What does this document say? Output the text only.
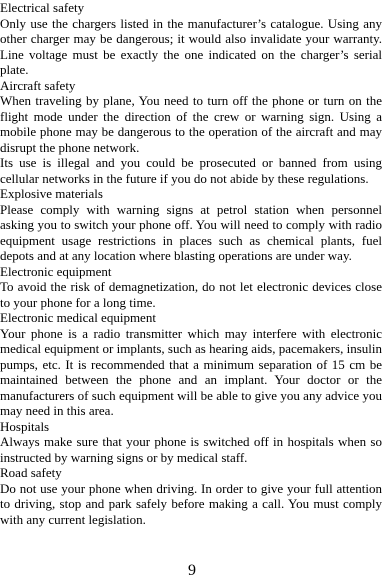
Electrical safety

Only use the chargers listed in the manufacturer’s catalogue. Using any other charger may be dangerous; it would also invalidate your warranty. Line voltage must be exactly the one indicated on the charger’s serial plate.

Aircraft safety

When traveling by plane, You need to turn off the phone or turn on the flight mode under the direction of the crew or warning sign. Using a mobile phone may be dangerous to the operation of the aircraft and may disrupt the phone network.

Its use is illegal and you could be prosecuted or banned from using cellular networks in the future if you do not abide by these regulations.

Explosive materials

Please comply with warning signs at petrol station when personnel asking you to switch your phone off. You will need to comply with radio equipment usage restrictions in places such as chemical plants, fuel depots and at any location where blasting operations are under way.

Electronic equipment

To avoid the risk of demagnetization, do not let electronic devices close to your phone for a long time.

Electronic medical equipment

Your phone is a radio transmitter which may interfere with electronic medical equipment or implants, such as hearing aids, pacemakers, insulin pumps, etc. It is recommended that a minimum separation of 15 cm be maintained between the phone and an implant. Your doctor or the manufacturers of such equipment will be able to give you any advice you may need in this area.

Hospitals

Always make sure that your phone is switched off in hospitals when so instructed by warning signs or by medical staff.

Road safety

Do not use your phone when driving. In order to give your full attention to driving, stop and park safely before making a call. You must comply with any current legislation.

9
